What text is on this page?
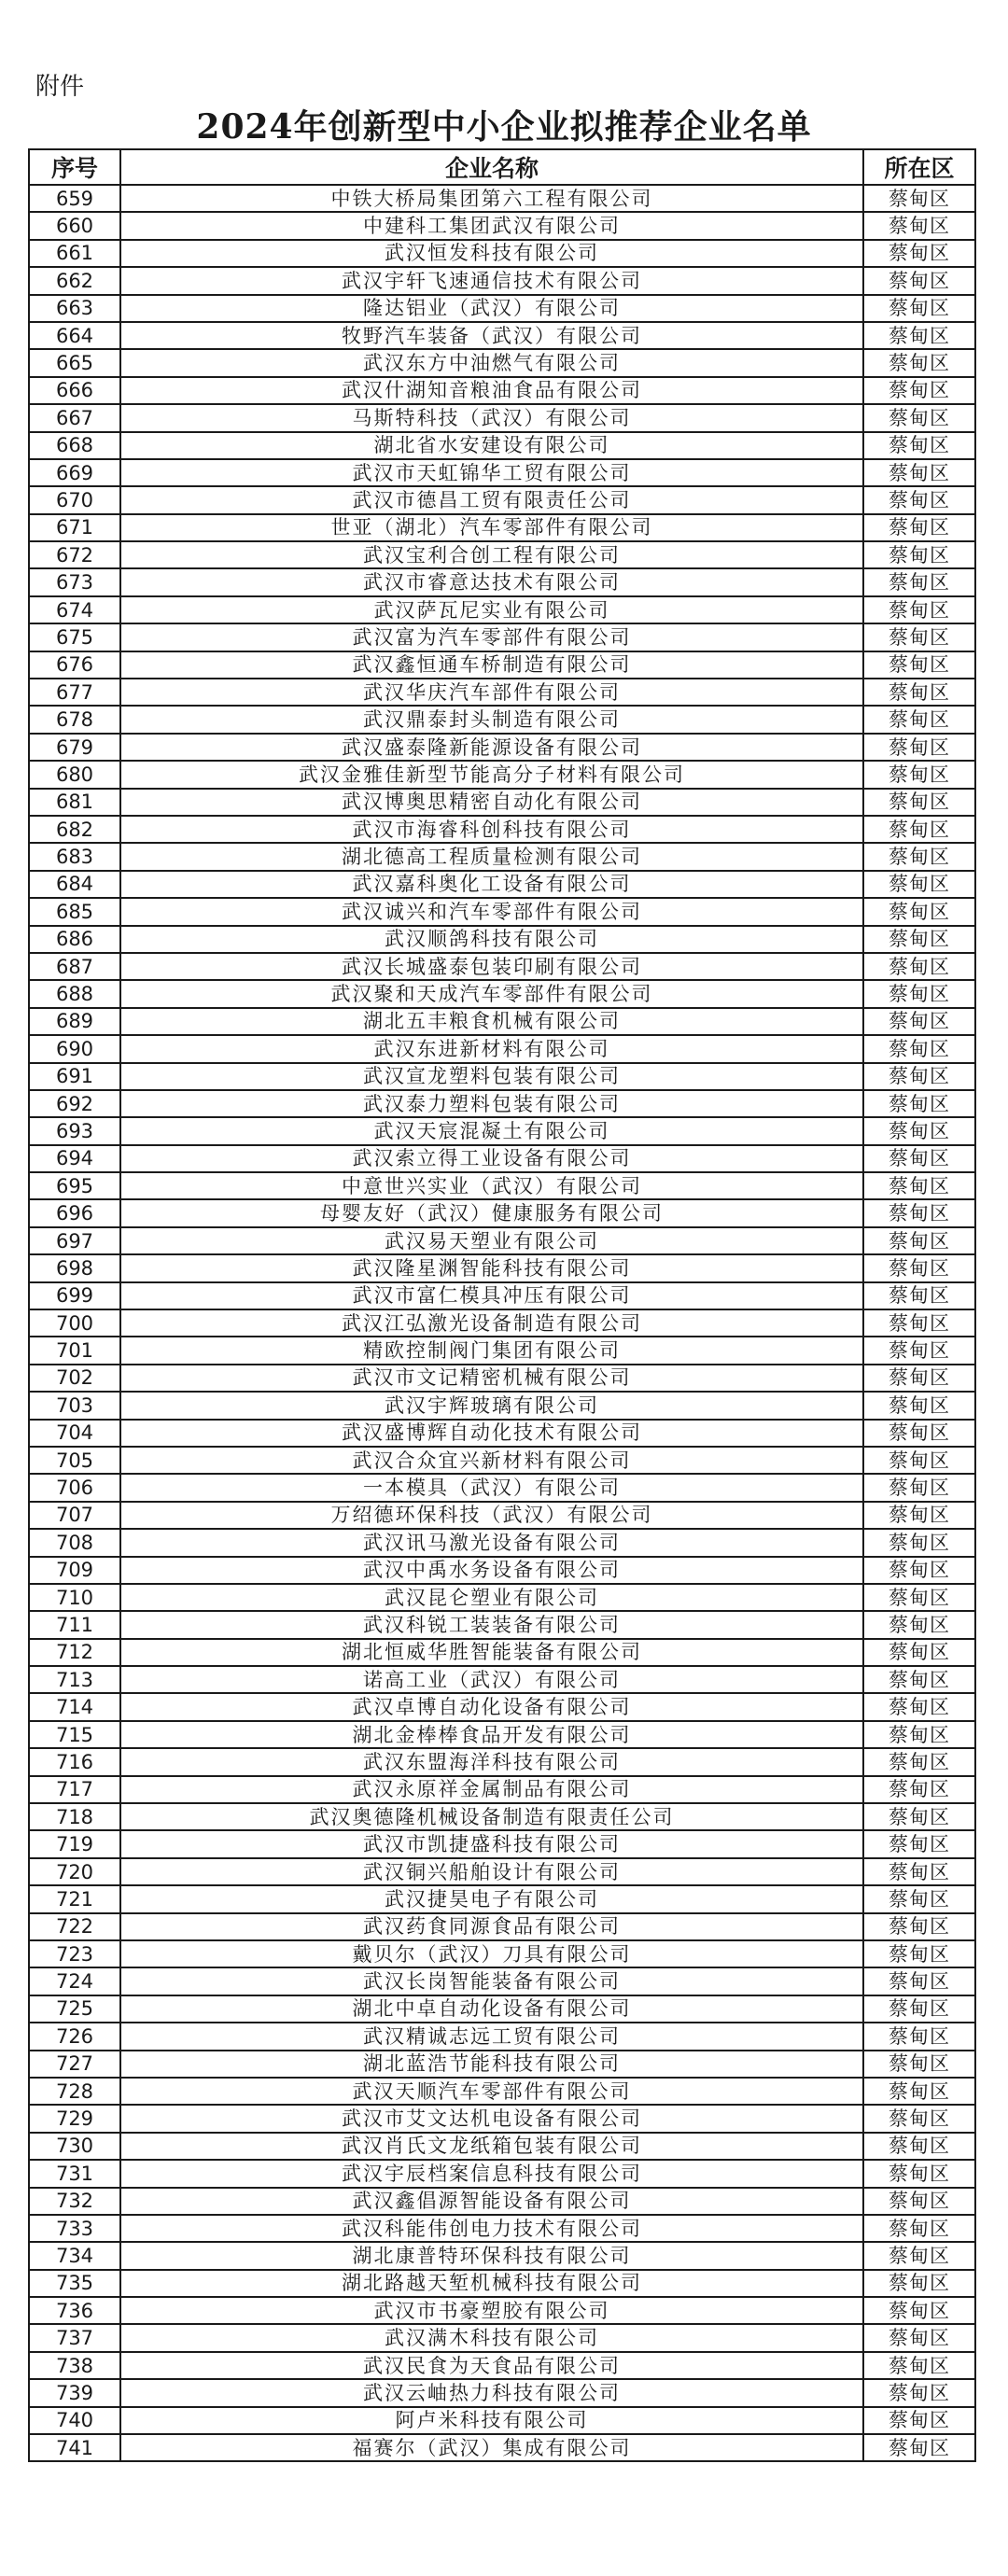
附件
2024年创新型中小企业拟推荐企业名单
序号	企业名称	所在区
659	中铁大桥局集团第六工程有限公司	蔡甸区
660	中建科工集团武汉有限公司	蔡甸区
661	武汉恒发科技有限公司	蔡甸区
662	武汉宇轩飞速通信技术有限公司	蔡甸区
663	隆达铝业（武汉）有限公司	蔡甸区
664	牧野汽车装备（武汉）有限公司	蔡甸区
665	武汉东方中油燃气有限公司	蔡甸区
666	武汉什湖知音粮油食品有限公司	蔡甸区
667	马斯特科技（武汉）有限公司	蔡甸区
668	湖北省水安建设有限公司	蔡甸区
669	武汉市天虹锦华工贸有限公司	蔡甸区
670	武汉市德昌工贸有限责任公司	蔡甸区
671	世亚（湖北）汽车零部件有限公司	蔡甸区
672	武汉宝利合创工程有限公司	蔡甸区
673	武汉市睿意达技术有限公司	蔡甸区
674	武汉萨瓦尼实业有限公司	蔡甸区
675	武汉富为汽车零部件有限公司	蔡甸区
676	武汉鑫恒通车桥制造有限公司	蔡甸区
677	武汉华庆汽车部件有限公司	蔡甸区
678	武汉鼎泰封头制造有限公司	蔡甸区
679	武汉盛泰隆新能源设备有限公司	蔡甸区
680	武汉金雅佳新型节能高分子材料有限公司	蔡甸区
681	武汉博奥思精密自动化有限公司	蔡甸区
682	武汉市海睿科创科技有限公司	蔡甸区
683	湖北德高工程质量检测有限公司	蔡甸区
684	武汉嘉科奥化工设备有限公司	蔡甸区
685	武汉诚兴和汽车零部件有限公司	蔡甸区
686	武汉顺鸽科技有限公司	蔡甸区
687	武汉长城盛泰包装印刷有限公司	蔡甸区
688	武汉聚和天成汽车零部件有限公司	蔡甸区
689	湖北五丰粮食机械有限公司	蔡甸区
690	武汉东进新材料有限公司	蔡甸区
691	武汉宣龙塑料包装有限公司	蔡甸区
692	武汉泰力塑料包装有限公司	蔡甸区
693	武汉天宸混凝土有限公司	蔡甸区
694	武汉索立得工业设备有限公司	蔡甸区
695	中意世兴实业（武汉）有限公司	蔡甸区
696	母婴友好（武汉）健康服务有限公司	蔡甸区
697	武汉易天塑业有限公司	蔡甸区
698	武汉隆星渊智能科技有限公司	蔡甸区
699	武汉市富仁模具冲压有限公司	蔡甸区
700	武汉江弘激光设备制造有限公司	蔡甸区
701	精欧控制阀门集团有限公司	蔡甸区
702	武汉市文记精密机械有限公司	蔡甸区
703	武汉宇辉玻璃有限公司	蔡甸区
704	武汉盛博辉自动化技术有限公司	蔡甸区
705	武汉合众宜兴新材料有限公司	蔡甸区
706	一本模具（武汉）有限公司	蔡甸区
707	万绍德环保科技（武汉）有限公司	蔡甸区
708	武汉讯马激光设备有限公司	蔡甸区
709	武汉中禹水务设备有限公司	蔡甸区
710	武汉昆仑塑业有限公司	蔡甸区
711	武汉科锐工装装备有限公司	蔡甸区
712	湖北恒威华胜智能装备有限公司	蔡甸区
713	诺高工业（武汉）有限公司	蔡甸区
714	武汉卓博自动化设备有限公司	蔡甸区
715	湖北金棒棒食品开发有限公司	蔡甸区
716	武汉东盟海洋科技有限公司	蔡甸区
717	武汉永原祥金属制品有限公司	蔡甸区
718	武汉奥德隆机械设备制造有限责任公司	蔡甸区
719	武汉市凯捷盛科技有限公司	蔡甸区
720	武汉铜兴船舶设计有限公司	蔡甸区
721	武汉捷昊电子有限公司	蔡甸区
722	武汉药食同源食品有限公司	蔡甸区
723	戴贝尔（武汉）刀具有限公司	蔡甸区
724	武汉长岗智能装备有限公司	蔡甸区
725	湖北中卓自动化设备有限公司	蔡甸区
726	武汉精诚志远工贸有限公司	蔡甸区
727	湖北蓝浩节能科技有限公司	蔡甸区
728	武汉天顺汽车零部件有限公司	蔡甸区
729	武汉市艾文达机电设备有限公司	蔡甸区
730	武汉肖氏文龙纸箱包装有限公司	蔡甸区
731	武汉宇辰档案信息科技有限公司	蔡甸区
732	武汉鑫倡源智能设备有限公司	蔡甸区
733	武汉科能伟创电力技术有限公司	蔡甸区
734	湖北康普特环保科技有限公司	蔡甸区
735	湖北路越天堑机械科技有限公司	蔡甸区
736	武汉市书豪塑胶有限公司	蔡甸区
737	武汉满木科技有限公司	蔡甸区
738	武汉民食为天食品有限公司	蔡甸区
739	武汉云岫热力科技有限公司	蔡甸区
740	阿卢米科技有限公司	蔡甸区
741	福赛尔（武汉）集成有限公司	蔡甸区
